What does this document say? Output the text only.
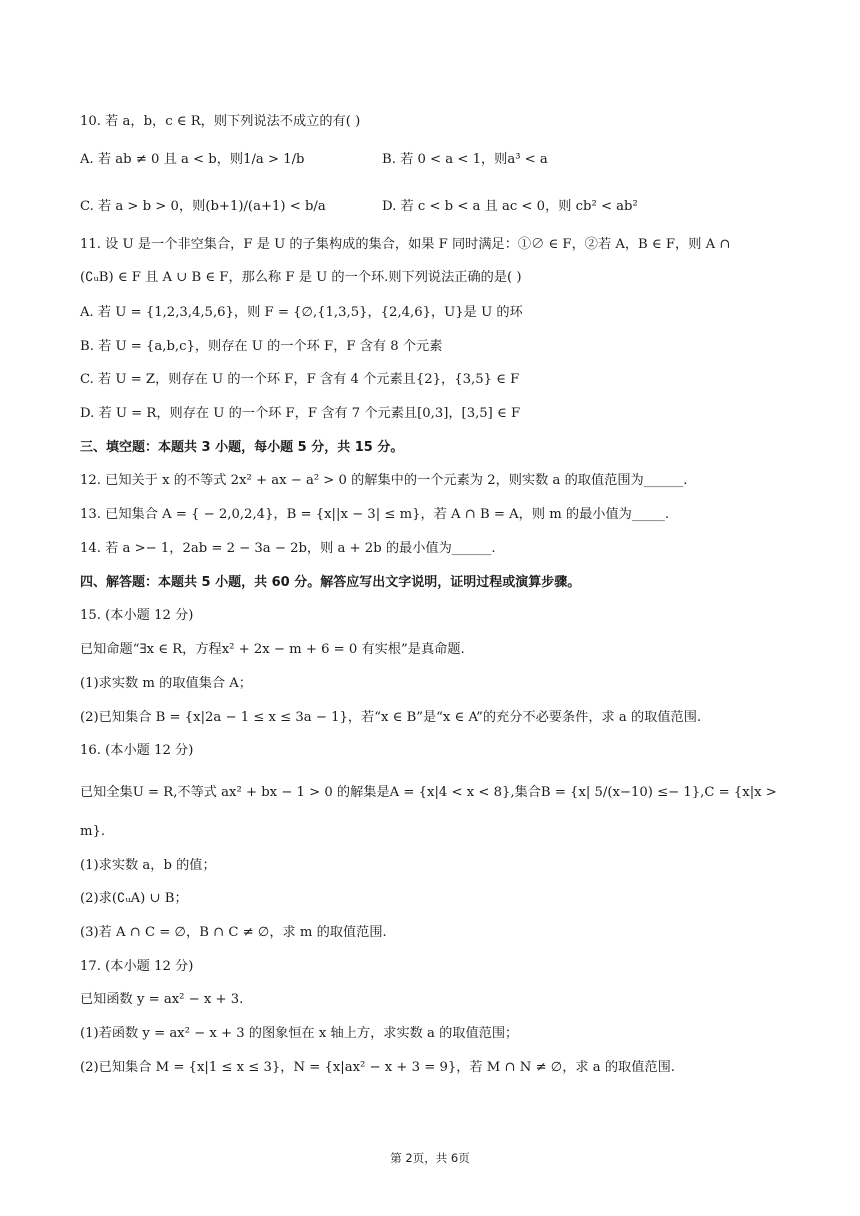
10. 若 a，b，c ∈ R，则下列说法不成立的有( )
A. 若 ab ≠ 0 且 a < b，则1/a > 1/b	B. 若 0 < a < 1，则a³ < a
C. 若 a > b > 0，则(b+1)/(a+1) < b/a	D. 若 c < b < a 且 ac < 0，则 cb² < ab²
11. 设 U 是一个非空集合，F 是 U 的子集构成的集合，如果 F 同时满足：①∅ ∈ F，②若 A，B ∈ F，则 A ∩
(∁ᵤB) ∈ F 且 A ∪ B ∈ F，那么称 F 是 U 的一个环.则下列说法正确的是( )
A. 若 U = {1,2,3,4,5,6}，则 F = {∅,{1,3,5}，{2,4,6}，U}是 U 的环
B. 若 U = {a,b,c}，则存在 U 的一个环 F，F 含有 8 个元素
C. 若 U = Z，则存在 U 的一个环 F，F 含有 4 个元素且{2}，{3,5} ∈ F
D. 若 U = R，则存在 U 的一个环 F，F 含有 7 个元素且[0,3]，[3,5] ∈ F
三、填空题：本题共 3 小题，每小题 5 分，共 15 分。
12. 已知关于 x 的不等式 2x² + ax − a² > 0 的解集中的一个元素为 2，则实数 a 的取值范围为______.
13. 已知集合 A = { − 2,0,2,4}，B = {x||x − 3| ≤ m}，若 A ∩ B = A，则 m 的最小值为_____.
14. 若 a >− 1，2ab = 2 − 3a − 2b，则 a + 2b 的最小值为______.
四、解答题：本题共 5 小题，共 60 分。解答应写出文字说明，证明过程或演算步骤。
15. (本小题 12 分)
已知命题“∃x ∈ R，方程x² + 2x − m + 6 = 0 有实根”是真命题.
(1)求实数 m 的取值集合 A；
(2)已知集合 B = {x|2a − 1 ≤ x ≤ 3a − 1}，若“x ∈ B”是“x ∈ A”的充分不必要条件，求 a 的取值范围.
16. (本小题 12 分)
已知全集U = R,不等式 ax² + bx − 1 > 0 的解集是A = {x|4 < x < 8},集合B = {x| 5/(x−10) ≤− 1},C = {x|x >
m}.
(1)求实数 a，b 的值；
(2)求(∁ᵤA) ∪ B；
(3)若 A ∩ C = ∅，B ∩ C ≠ ∅，求 m 的取值范围.
17. (本小题 12 分)
已知函数 y = ax² − x + 3.
(1)若函数 y = ax² − x + 3 的图象恒在 x 轴上方，求实数 a 的取值范围；
(2)已知集合 M = {x|1 ≤ x ≤ 3}，N = {x|ax² − x + 3 = 9}，若 M ∩ N ≠ ∅，求 a 的取值范围.
第 2页，共 6页
